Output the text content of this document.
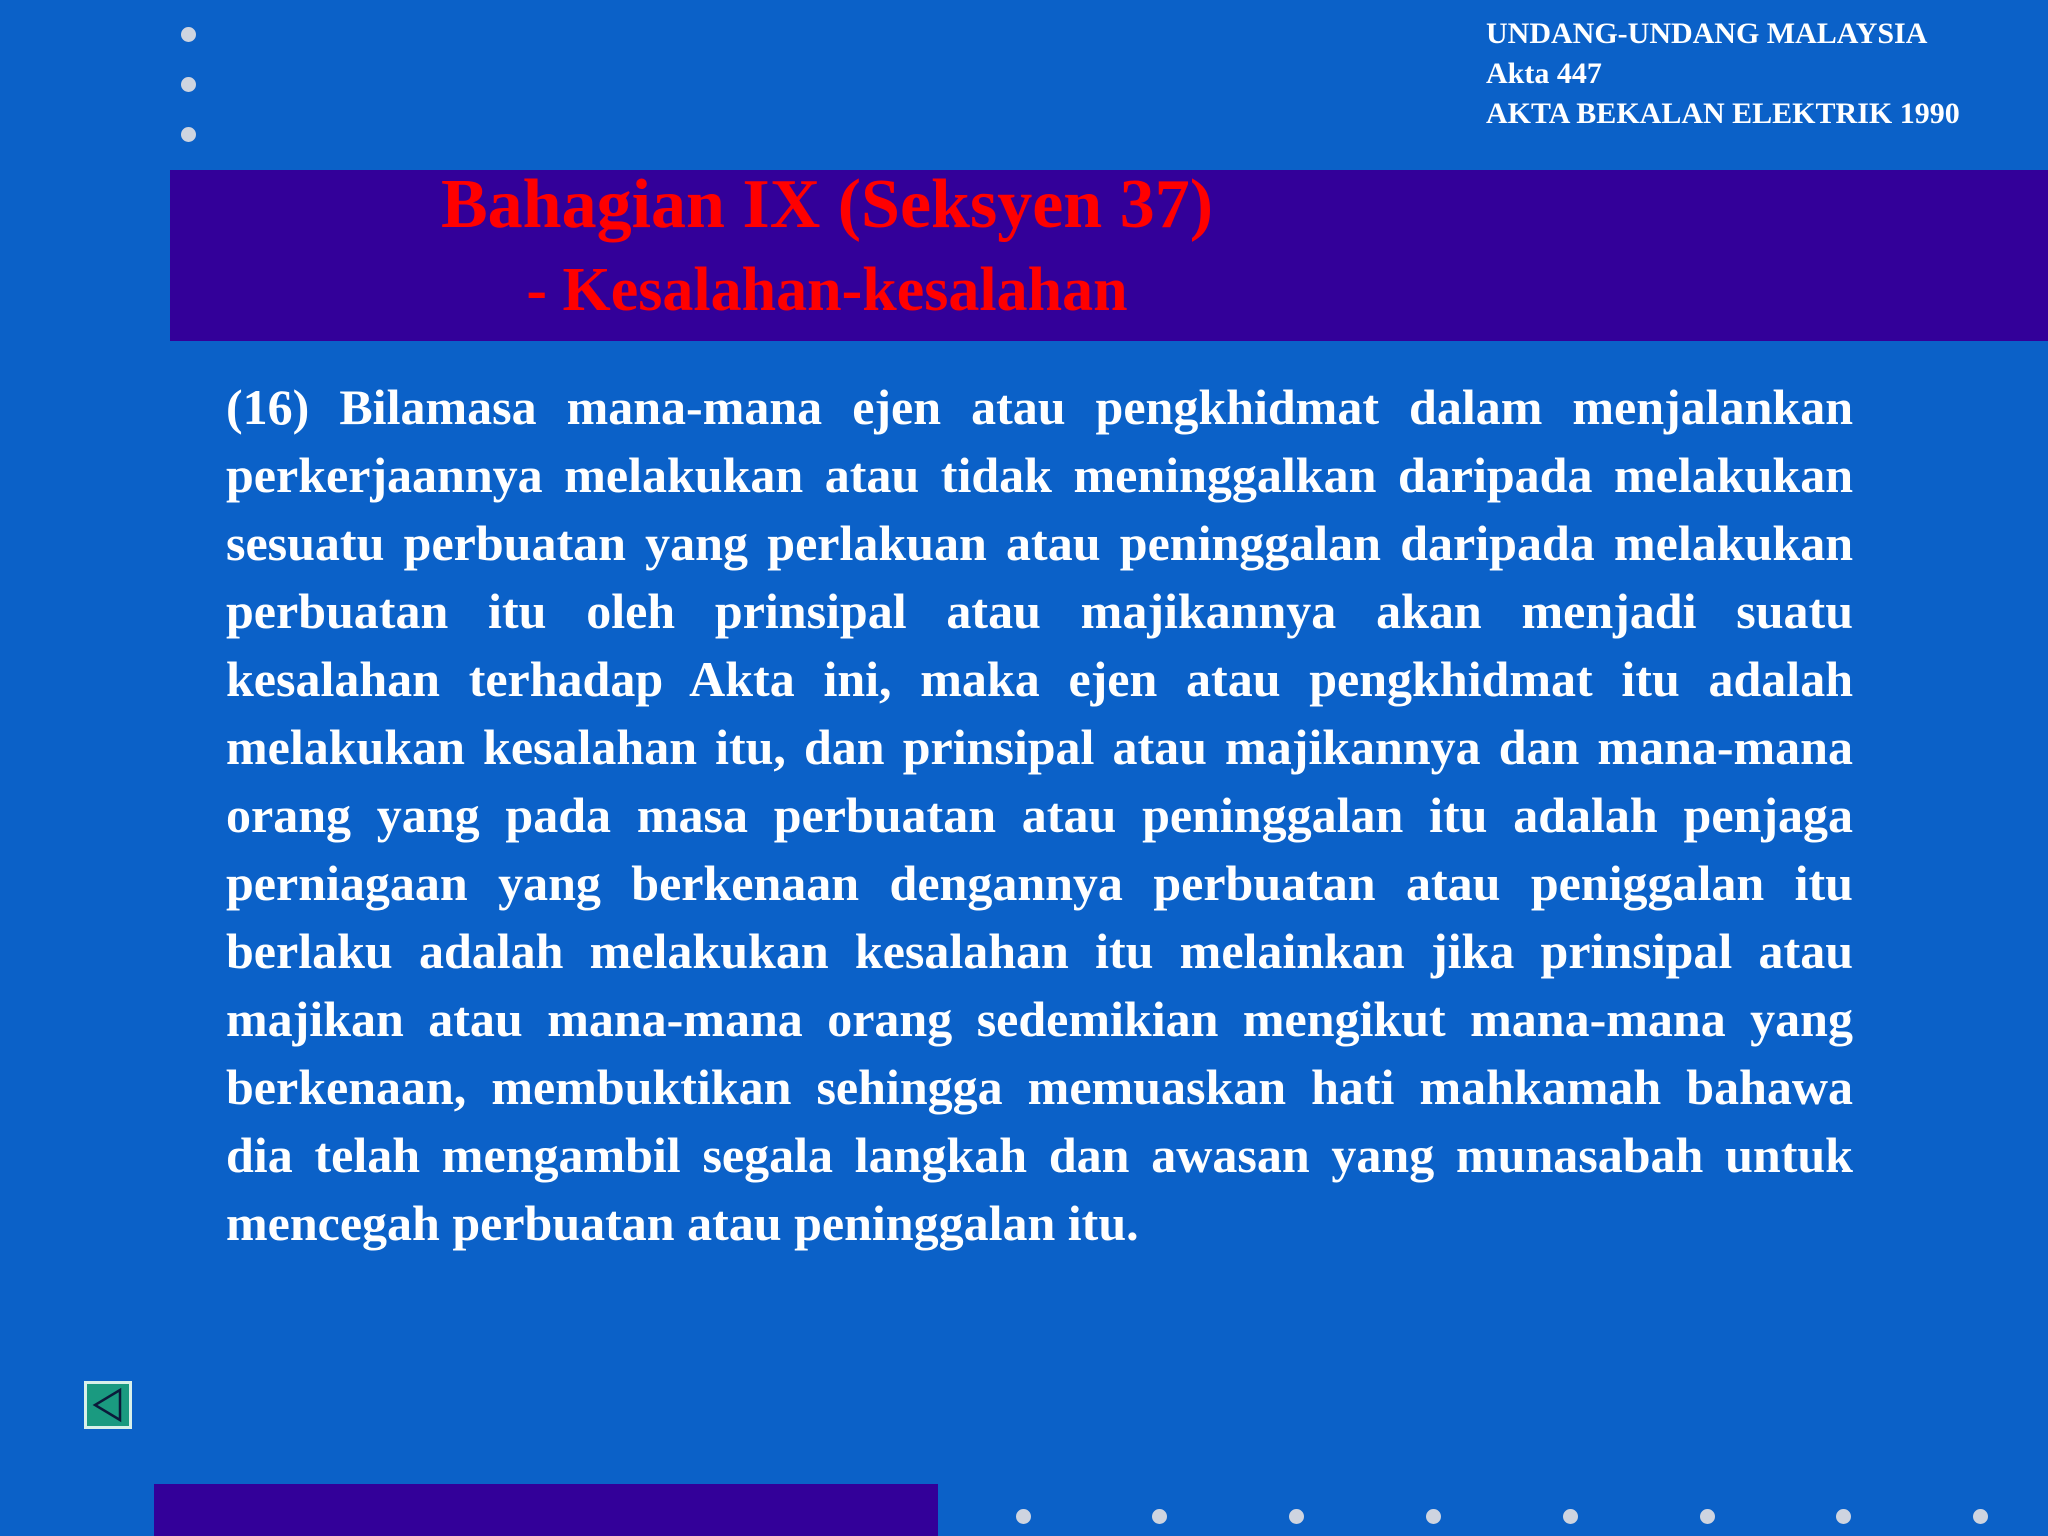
UNDANG-UNDANG MALAYSIA
Akta 447
AKTA BEKALAN ELEKTRIK 1990
Bahagian IX (Seksyen 37)
- Kesalahan-kesalahan

(16) Bilamasa mana-mana ejen atau pengkhidmat dalam menjalankan perkerjaannya melakukan atau tidak meninggalkan daripada melakukan sesuatu perbuatan yang perlakuan atau peninggalan daripada melakukan perbuatan itu oleh prinsipal atau majikannya akan menjadi suatu kesalahan terhadap Akta ini, maka ejen atau pengkhidmat itu adalah melakukan kesalahan itu, dan prinsipal atau majikannya dan mana-mana orang yang pada masa perbuatan atau peninggalan itu adalah penjaga perniagaan yang berkenaan dengannya perbuatan atau peniggalan itu berlaku adalah melakukan kesalahan itu melainkan jika prinsipal atau majikan atau mana-mana orang sedemikian mengikut mana-mana yang berkenaan, membuktikan sehingga memuaskan hati mahkamah bahawa dia telah mengambil segala langkah dan awasan yang munasabah untuk mencegah perbuatan atau peninggalan itu.
